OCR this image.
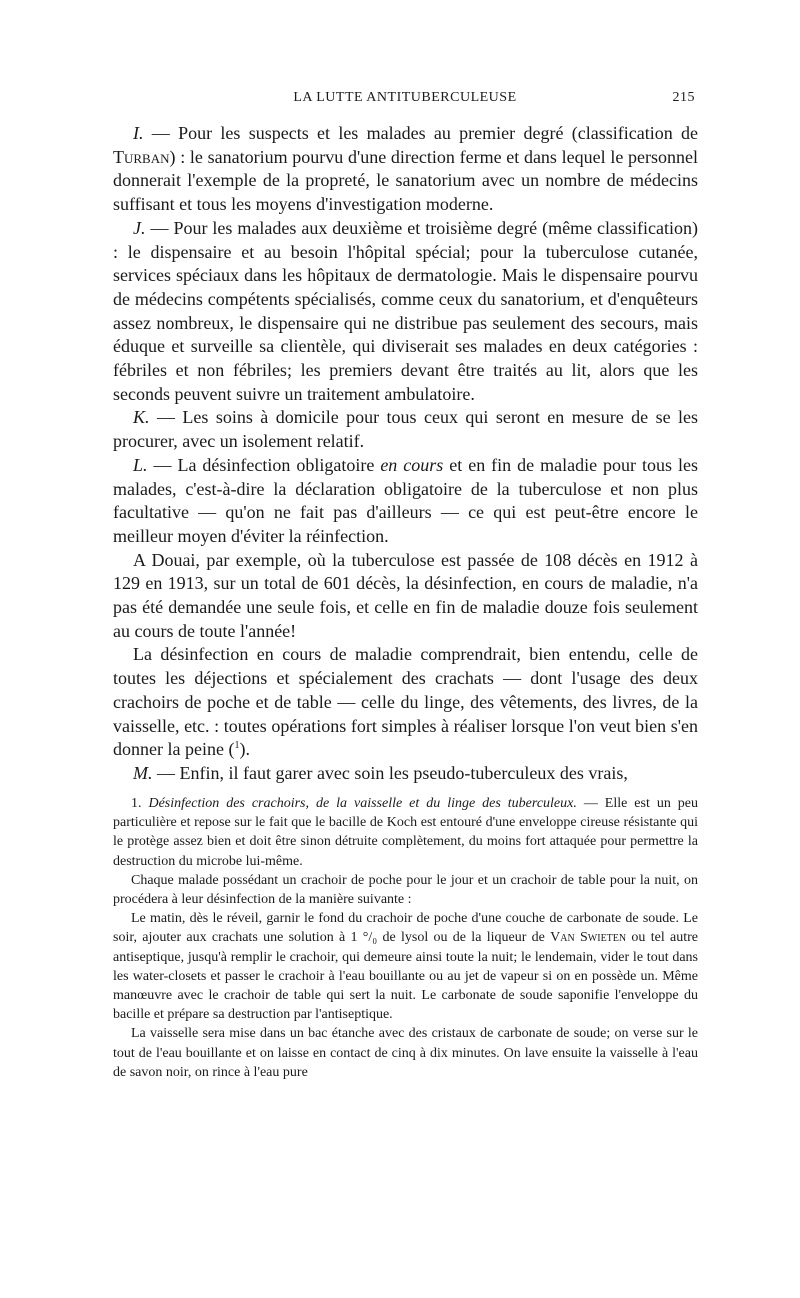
LA LUTTE ANTITUBERCULEUSE	215

I. — Pour les suspects et les malades au premier degré (classification de Turban) : le sanatorium pourvu d'une direction ferme et dans lequel le personnel donnerait l'exemple de la propreté, le sanatorium avec un nombre de médecins suffisant et tous les moyens d'investigation moderne.

J. — Pour les malades aux deuxième et troisième degré (même classification) : le dispensaire et au besoin l'hôpital spécial; pour la tuberculose cutanée, services spéciaux dans les hôpitaux de dermatologie. Mais le dispensaire pourvu de médecins compétents spécialisés, comme ceux du sanatorium, et d'enquêteurs assez nombreux, le dispensaire qui ne distribue pas seulement des secours, mais éduque et surveille sa clientèle, qui diviserait ses malades en deux catégories : fébriles et non fébriles; les premiers devant être traités au lit, alors que les seconds peuvent suivre un traitement ambulatoire.

K. — Les soins à domicile pour tous ceux qui seront en mesure de se les procurer, avec un isolement relatif.

L. — La désinfection obligatoire en cours et en fin de maladie pour tous les malades, c'est-à-dire la déclaration obligatoire de la tuberculose et non plus facultative — qu'on ne fait pas d'ailleurs — ce qui est peut-être encore le meilleur moyen d'éviter la réinfection.

A Douai, par exemple, où la tuberculose est passée de 108 décès en 1912 à 129 en 1913, sur un total de 601 décès, la désinfection, en cours de maladie, n'a pas été demandée une seule fois, et celle en fin de maladie douze fois seulement au cours de toute l'année!

La désinfection en cours de maladie comprendrait, bien entendu, celle de toutes les déjections et spécialement des crachats — dont l'usage des deux crachoirs de poche et de table — celle du linge, des vêtements, des livres, de la vaisselle, etc. : toutes opérations fort simples à réaliser lorsque l'on veut bien s'en donner la peine ($^1$).

M. — Enfin, il faut garer avec soin les pseudo-tuberculeux des vrais,

1. Désinfection des crachoirs, de la vaisselle et du linge des tuberculeux. — Elle est un peu particulière et repose sur le fait que le bacille de Koch est entouré d'une enveloppe cireuse résistante qui le protège assez bien et doit être sinon détruite complètement, du moins fort attaquée pour permettre la destruction du microbe lui-même.

Chaque malade possédant un crachoir de poche pour le jour et un crachoir de table pour la nuit, on procédera à leur désinfection de la manière suivante :

Le matin, dès le réveil, garnir le fond du crachoir de poche d'une couche de carbonate de soude. Le soir, ajouter aux crachats une solution à 1 °/₀ de lysol ou de la liqueur de Van Swieten ou tel autre antiseptique, jusqu'à remplir le crachoir, qui demeure ainsi toute la nuit; le lendemain, vider le tout dans les water-closets et passer le crachoir à l'eau bouillante ou au jet de vapeur si on en possède un. Même manœuvre avec le crachoir de table qui sert la nuit. Le carbonate de soude saponifie l'enveloppe du bacille et prépare sa destruction par l'antiseptique.

La vaisselle sera mise dans un bac étanche avec des cristaux de carbonate de soude; on verse sur le tout de l'eau bouillante et on laisse en contact de cinq à dix minutes. On lave ensuite la vaisselle à l'eau de savon noir, on rince à l'eau pure
